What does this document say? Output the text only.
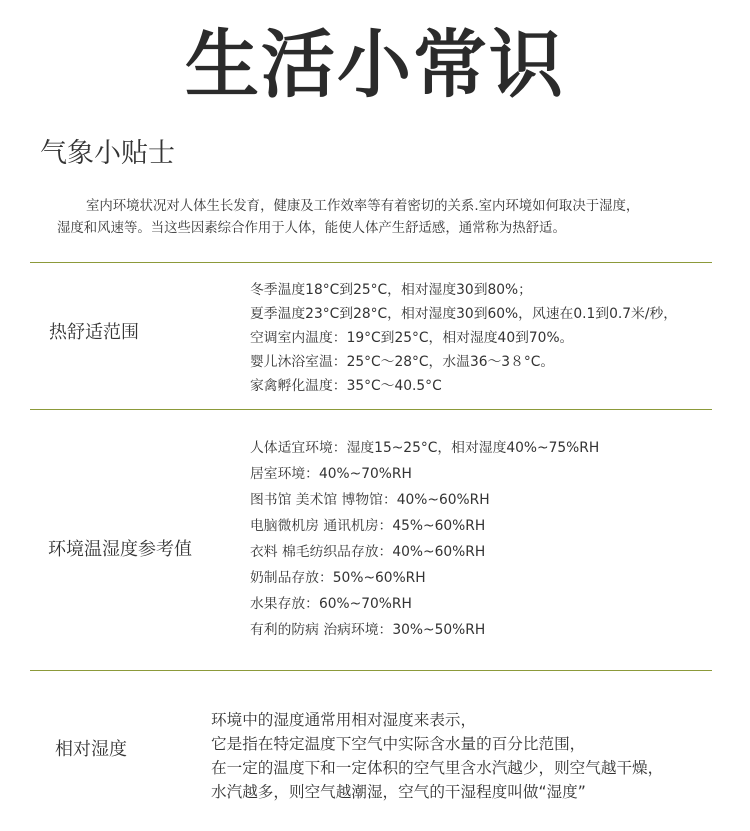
生活小常识
气象小贴士
室内环境状况对人体生长发育，健康及工作效率等有着密切的关系.室内环境如何取决于湿度，
湿度和风速等。当这些因素综合作用于人体，能使人体产生舒适感，通常称为热舒适。
热舒适范围
冬季温度18°C到25°C，相对湿度30到80%；
夏季温度23°C到28°C，相对湿度30到60%，风速在0.1到0.7米/秒，
空调室内温度：19°C到25°C，相对湿度40到70%。
婴儿沐浴室温：25°C～28°C，水温36～3８°C。
家禽孵化温度：35°C～40.5°C
环境温湿度参考值
人体适宜环境：湿度15~25°C，相对湿度40%~75%RH
居室环境：40%~70%RH
图书馆 美术馆 博物馆：40%~60%RH
电脑微机房 通讯机房：45%~60%RH
衣料 棉毛纺织品存放：40%~60%RH
奶制品存放：50%~60%RH
水果存放：60%~70%RH
有利的防病 治病环境：30%~50%RH
相对湿度
环境中的湿度通常用相对湿度来表示，
它是指在特定温度下空气中实际含水量的百分比范围，
在一定的温度下和一定体积的空气里含水汽越少，则空气越干燥，
水汽越多，则空气越潮湿，空气的干湿程度叫做“湿度”
